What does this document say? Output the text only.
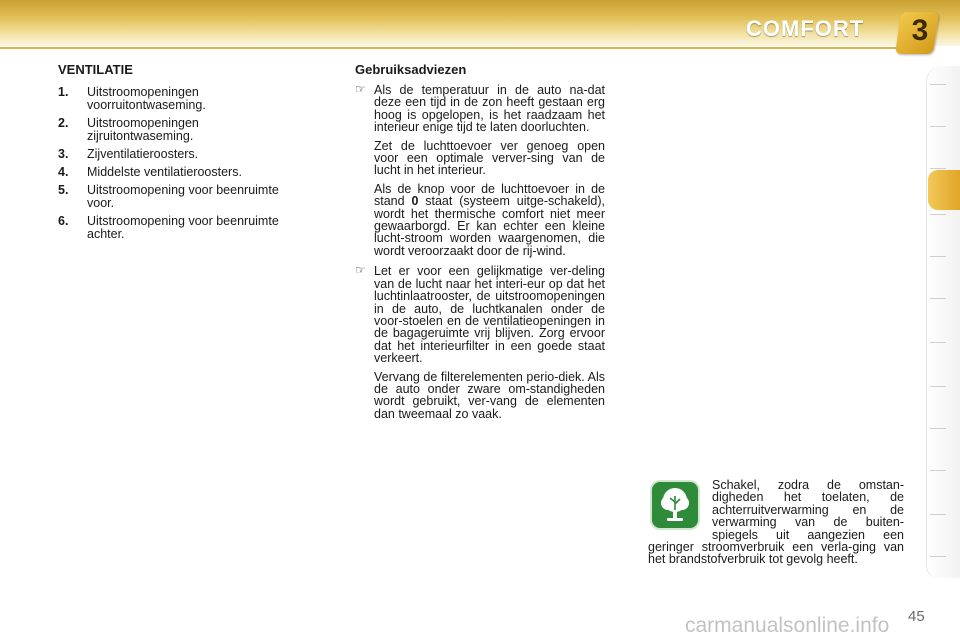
COMFORT 3
VENTILATIE
1.	Uitstroomopeningen voorruitontwaseming.
2.	Uitstroomopeningen zijruitontwaseming.
3.	Zijventilatieroosters.
4.	Middelste ventilatieroosters.
5.	Uitstroomopening voor beenruimte voor.
6.	Uitstroomopening voor beenruimte achter.
Gebruiksadviezen
☞ Als de temperatuur in de auto na-dat deze een tijd in de zon heeft gestaan erg hoog is opgelopen, is het raadzaam het interieur enige tijd te laten doorluchten.
Zet de luchttoevoer ver genoeg open voor een optimale verver-sing van de lucht in het interieur.
Als de knop voor de luchttoevoer in de stand 0 staat (systeem uitge-schakeld), wordt het thermische comfort niet meer gewaarborgd. Er kan echter een kleine lucht-stroom worden waargenomen, die wordt veroorzaakt door de rij-wind.
☞ Let er voor een gelijkmatige ver-deling van de lucht naar het interi-eur op dat het luchtinlaatrooster, de uitstroomopeningen in de auto, de luchtkanalen onder de voor-stoelen en de ventilatieopeningen in de bagageruimte vrij blijven. Zorg ervoor dat het interieurfilter in een goede staat verkeert.
Vervang de filterelementen perio-diek. Als de auto onder zware om-standigheden wordt gebruikt, ver-vang de elementen dan tweemaal zo vaak.
Schakel, zodra de omstan-digheden het toelaten, de achterruitverwarming en de verwarming van de buiten-spiegels uit aangezien een geringer stroomverbruik een verla-ging van het brandstofverbruik tot gevolg heeft.
45
carmanualsonline.info
